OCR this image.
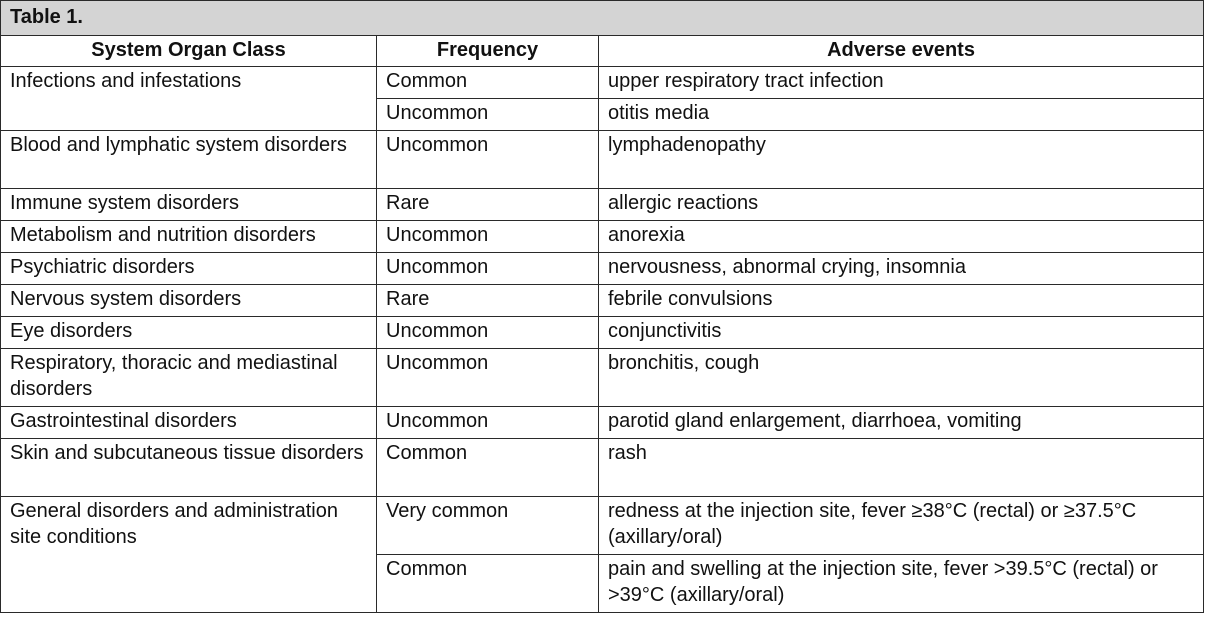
Table 1.		
System Organ Class	Frequency	Adverse events
Infections and infestations	Common	upper respiratory tract infection
	Uncommon	otitis media
Blood and lymphatic system disorders	Uncommon	lymphadenopathy
Immune system disorders	Rare	allergic reactions
Metabolism and nutrition disorders	Uncommon	anorexia
Psychiatric disorders	Uncommon	nervousness, abnormal crying, insomnia
Nervous system disorders	Rare	febrile convulsions
Eye disorders	Uncommon	conjunctivitis
Respiratory, thoracic and mediastinal disorders	Uncommon	bronchitis, cough
Gastrointestinal disorders	Uncommon	parotid gland enlargement, diarrhoea, vomiting
Skin and subcutaneous tissue disorders	Common	rash
General disorders and administration site conditions	Very common	redness at the injection site, fever ≥38°C (rectal) or ≥37.5°C (axillary/oral)
	Common	pain and swelling at the injection site, fever >39.5°C (rectal) or >39°C (axillary/oral)
